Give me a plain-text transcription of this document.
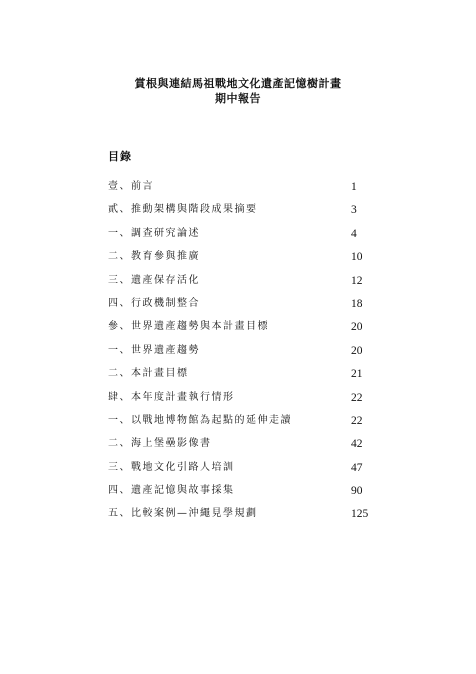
賞根與連結馬祖戰地文化遺產記憶樹計畫
期中報告
目錄
壹、前言	1
貳、推動架構與階段成果摘要	3
一、調查研究論述	4
二、教育參與推廣	10
三、遺產保存活化	12
四、行政機制整合	18
參、世界遺產趨勢與本計畫目標	20
一、世界遺產趨勢	20
二、本計畫目標	21
肆、本年度計畫執行情形	22
一、以戰地博物館為起點的延伸走讀	22
二、海上堡壘影像書	42
三、戰地文化引路人培訓	47
四、遺產記憶與故事採集	90
五、比較案例—沖繩見學規劃	125
